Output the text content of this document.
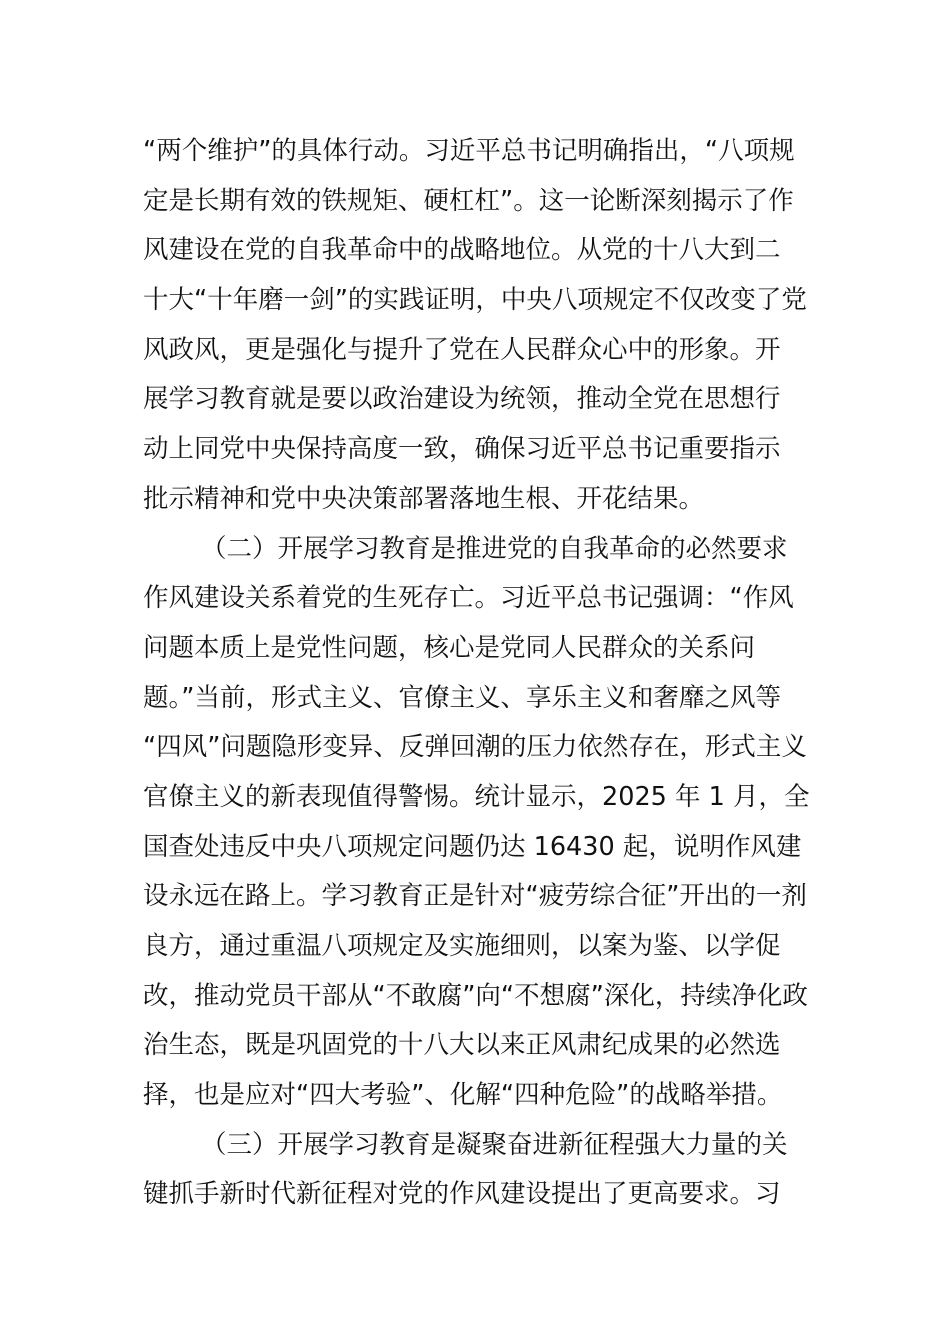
“两个维护”的具体行动。习近平总书记明确指出，“八项规
定是长期有效的铁规矩、硬杠杠”。这一论断深刻揭示了作
风建设在党的自我革命中的战略地位。从党的十八大到二
十大“十年磨一剑”的实践证明，中央八项规定不仅改变了党
风政风，更是强化与提升了党在人民群众心中的形象。开
展学习教育就是要以政治建设为统领，推动全党在思想行
动上同党中央保持高度一致，确保习近平总书记重要指示
批示精神和党中央决策部署落地生根、开花结果。
（二）开展学习教育是推进党的自我革命的必然要求
作风建设关系着党的生死存亡。习近平总书记强调：“作风
问题本质上是党性问题，核心是党同人民群众的关系问
题。”当前，形式主义、官僚主义、享乐主义和奢靡之风等
“四风”问题隐形变异、反弹回潮的压力依然存在，形式主义
官僚主义的新表现值得警惕。统计显示，2025 年 1 月，全
国查处违反中央八项规定问题仍达 16430 起，说明作风建
设永远在路上。学习教育正是针对“疲劳综合征”开出的一剂
良方，通过重温八项规定及实施细则，以案为鉴、以学促
改，推动党员干部从“不敢腐”向“不想腐”深化，持续净化政
治生态，既是巩固党的十八大以来正风肃纪成果的必然选
择，也是应对“四大考验”、化解“四种危险”的战略举措。
（三）开展学习教育是凝聚奋进新征程强大力量的关
键抓手新时代新征程对党的作风建设提出了更高要求。习
